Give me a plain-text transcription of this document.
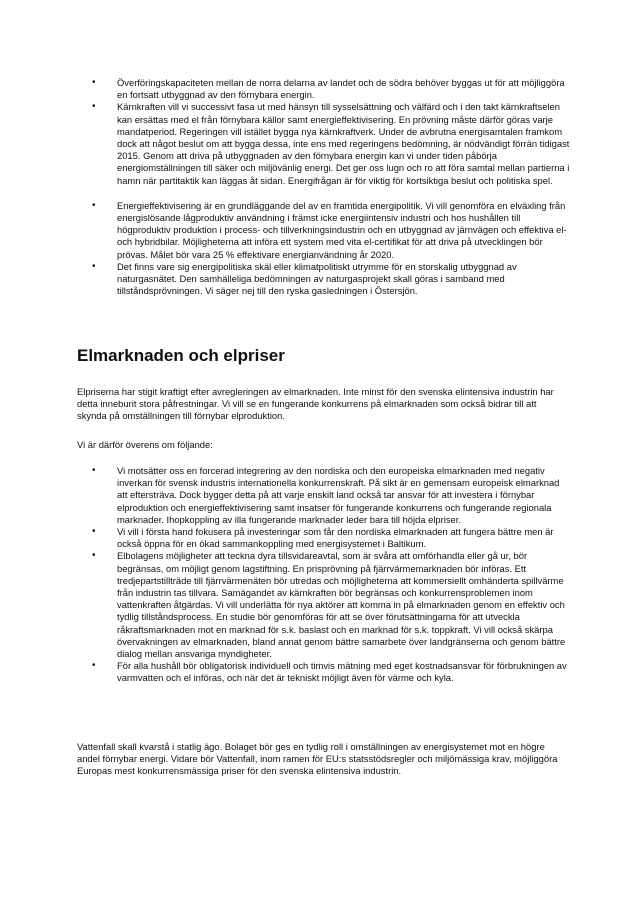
• Överföringskapaciteten mellan de norra delarna av landet och de södra behöver byggas ut för att möjliggöra en fortsatt utbyggnad av den förnybara energin.
• Kärnkraften vill vi successivt fasa ut med hänsyn till sysselsättning och välfärd och i den takt kärnkraftselen kan ersättas med el från förnybara källor samt energieffektivisering. En prövning måste därför göras varje mandatperiod. Regeringen vill istället bygga nya kärnkraftverk. Under de avbrutna energisamtalen framkom dock att något beslut om att bygga dessa, inte ens med regeringens bedömning, är nödvändigt förrän tidigast 2015. Genom att driva på utbyggnaden av den förnybara energin kan vi under tiden påbörja energiomställningen till säker och miljövänlig energi. Det ger oss lugn och ro att föra samtal mellan partierna i hamn när partitaktik kan läggas åt sidan. Energifrågan är för viktig för kortsiktiga beslut och politiska spel.
• Energieffektivisering är en grundläggande del av en framtida energipolitik. Vi vill genomföra en elväxling från energislösande lågproduktiv användning i främst icke energiintensiv industri och hos hushållen till högproduktiv produktion i process- och tillverkningsindustrin och en utbyggnad av järnvägen och effektiva el- och hybridbilar. Möjligheterna att införa ett system med vita el-certifikat för att driva på utvecklingen bör prövas. Målet bör vara 25 % effektivare energianvändning år 2020.
• Det finns vare sig energipolitiska skäl eller klimatpolitiskt utrymme för en storskalig utbyggnad av naturgasnätet. Den samhälleliga bedömningen av naturgasprojekt skall göras i samband med tillståndsprövningen. Vi säger nej till den ryska gasledningen i Östersjön.
Elmarknaden och elpriser

Elpriserna har stigit kraftigt efter avregleringen av elmarknaden. Inte minst för den svenska elintensiva industrin har detta inneburit stora påfrestningar. Vi vill se en fungerande konkurrens på elmarknaden som också bidrar till att skynda på omställningen till förnybar elproduktion.

Vi är därför överens om följande:

• Vi motsätter oss en forcerad integrering av den nordiska och den europeiska elmarknaden med negativ inverkan för svensk industris internationella konkurrenskraft. På sikt är en gemensam europeisk elmarknad att eftersträva. Dock bygger detta på att varje enskilt land också tar ansvar för att investera i förnybar elproduktion och energieffektivisering samt insatser för fungerande konkurrens och fungerande regionala marknader. Ihopkoppling av illa fungerande marknader leder bara till höjda elpriser.
• Vi vill i första hand fokusera på investeringar som får den nordiska elmarknaden att fungera bättre men är också öppna för en ökad sammankoppling med energisystemet i Baltikum.
• Elbolagens möjligheter att teckna dyra tillsvidareavtal, som är svåra att omförhandla eller gå ur, bör begränsas, om möjligt genom lagstiftning. En prisprövning på fjärrvärmemarknaden bör införas. Ett tredjepartstillträde till fjärrvärmenäten bör utredas och möjligheterna att kommersiellt omhänderta spillvärme från industrin tas tillvara. Samägandet av kärnkraften bör begränsas och konkurrensproblemen inom vattenkraften åtgärdas. Vi vill underlätta för nya aktörer att komma in på elmarknaden genom en effektiv och tydlig tillståndsprocess. En studie bör genomföras för att se över förutsättningarna för att utveckla råkraftsmarknaden mot en marknad för s.k. baslast och en marknad för s.k. toppkraft. Vi vill också skärpa övervakningen av elmarknaden, bland annat genom bättre samarbete över landgränserna och genom bättre dialog mellan ansvariga myndigheter.
• För alla hushåll bör obligatorisk individuell och timvis mätning med eget kostnadsansvar för förbrukningen av varmvatten och el införas, och när det är tekniskt möjligt även för värme och kyla.

Vattenfall skall kvarstå i statlig ägo. Bolaget bör ges en tydlig roll i omställningen av energisystemet mot en högre andel förnybar energi. Vidare bör Vattenfall, inom ramen för EU:s statsstödsregler och miljömässiga krav, möjliggöra Europas mest konkurrensmässiga priser för den svenska elintensiva industrin.
